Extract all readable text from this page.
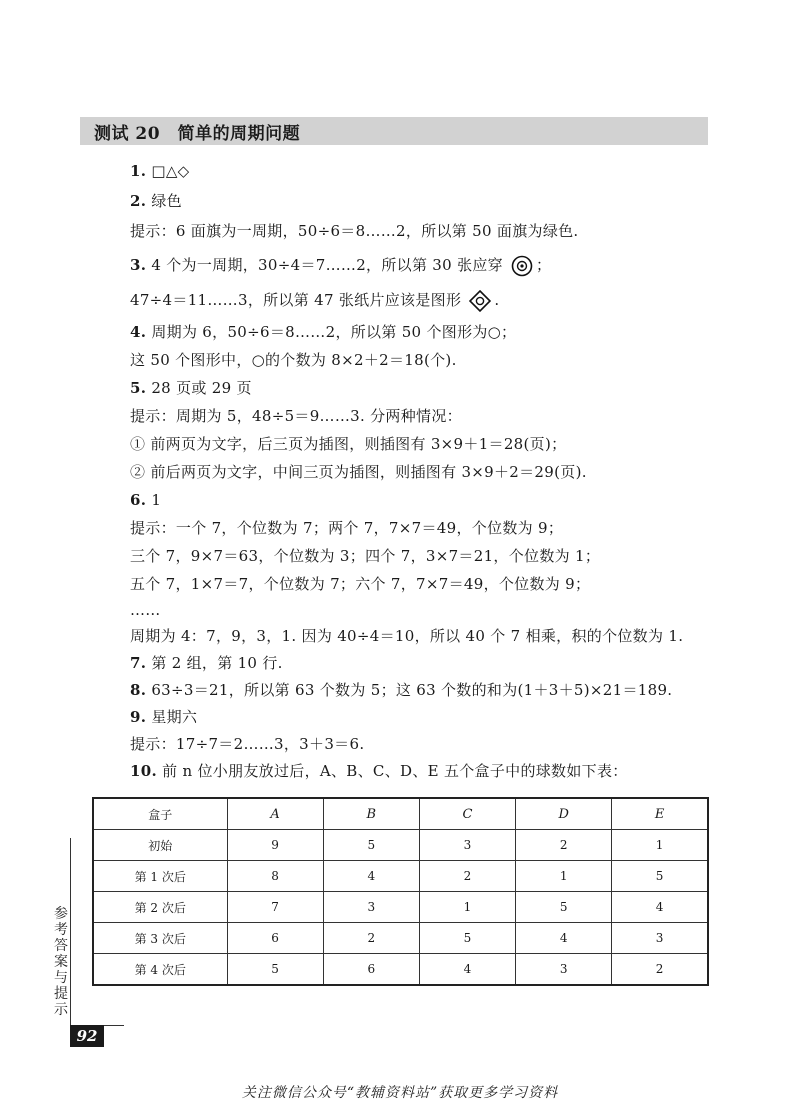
测试 20　简单的周期问题
1. □△◇
2. 绿色
提示：6 面旗为一周期，50÷6＝8……2，所以第 50 面旗为绿色.
3. 4 个为一周期，30÷4＝7……2，所以第 30 张应穿 ；
47÷4＝11……3，所以第 47 张纸片应该是图形 .
4. 周期为 6，50÷6＝8……2，所以第 50 个图形为○；
这 50 个图形中，○的个数为 8×2＋2＝18(个).
5. 28 页或 29 页
提示：周期为 5，48÷5＝9……3. 分两种情况：
① 前两页为文字，后三页为插图，则插图有 3×9＋1＝28(页)；
② 前后两页为文字，中间三页为插图，则插图有 3×9＋2＝29(页).
6. 1
提示：一个 7，个位数为 7；两个 7，7×7＝49，个位数为 9；
三个 7，9×7＝63，个位数为 3；四个 7，3×7＝21，个位数为 1；
五个 7，1×7＝7，个位数为 7；六个 7，7×7＝49，个位数为 9；
……
周期为 4：7，9，3，1. 因为 40÷4＝10，所以 40 个 7 相乘，积的个位数为 1.
7. 第 2 组，第 10 行.
8. 63÷3＝21，所以第 63 个数为 5；这 63 个数的和为(1＋3＋5)×21＝189.
9. 星期六
提示：17÷7＝2……3，3＋3＝6.
10. 前 n 位小朋友放过后，A、B、C、D、E 五个盒子中的球数如下表：
盒子	A	B	C	D	E
初始	9	5	3	2	1
第 1 次后	8	4	2	1	5
第 2 次后	7	3	1	5	4
第 3 次后	6	2	5	4	3
第 4 次后	5	6	4	3	2
参考答案与提示
92
关注微信公众号“教辅资料站”获取更多学习资料
